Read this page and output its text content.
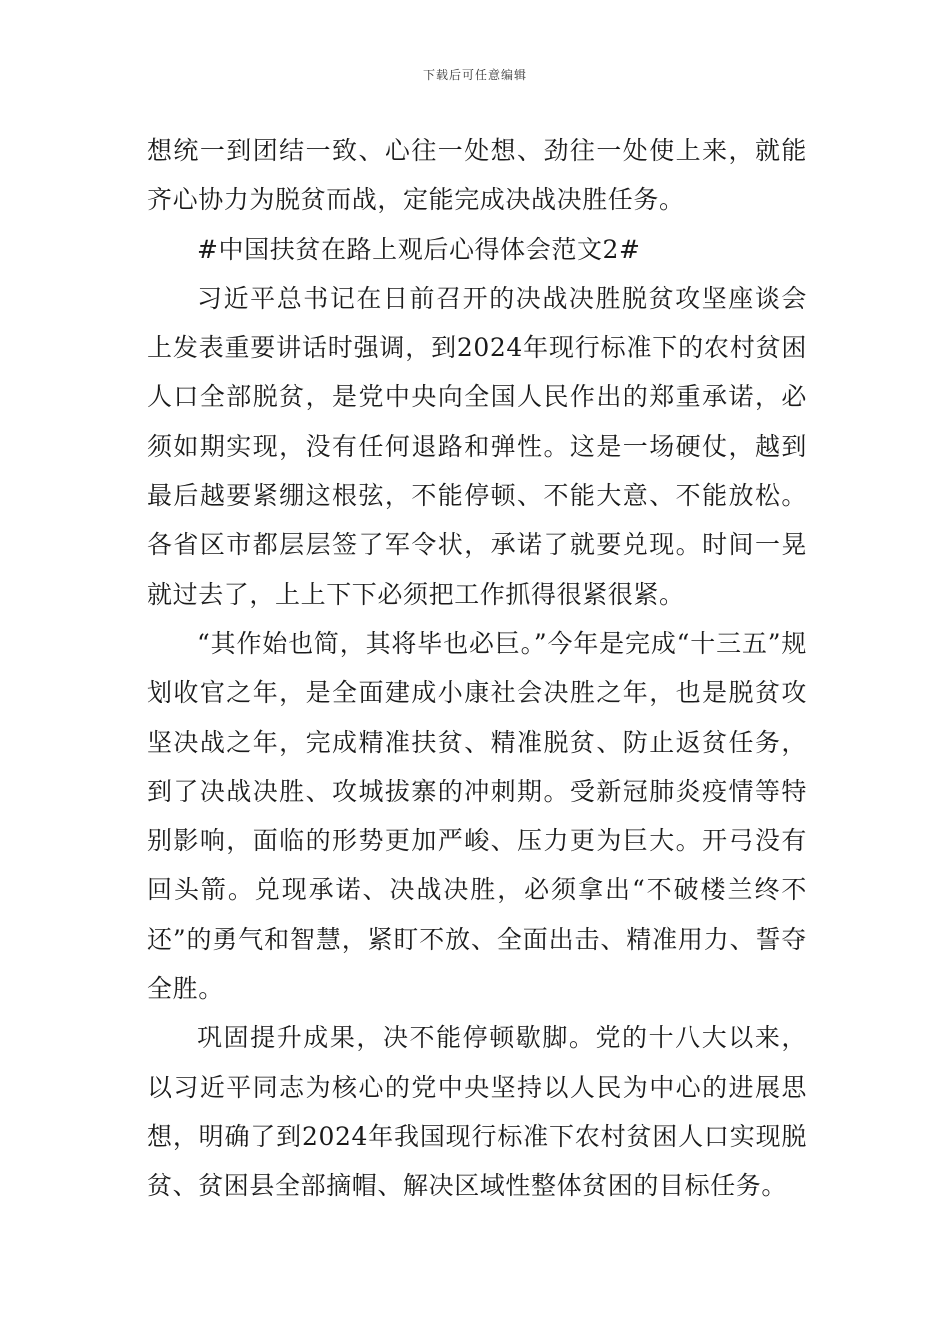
下载后可任意编辑

想统一到团结一致、心往一处想、劲往一处使上来，就能齐心协力为脱贫而战，定能完成决战决胜任务。

#中国扶贫在路上观后心得体会范文2#

习近平总书记在日前召开的决战决胜脱贫攻坚座谈会上发表重要讲话时强调，到2024年现行标准下的农村贫困人口全部脱贫，是党中央向全国人民作出的郑重承诺，必须如期实现，没有任何退路和弹性。这是一场硬仗，越到最后越要紧绷这根弦，不能停顿、不能大意、不能放松。各省区市都层层签了军令状，承诺了就要兑现。时间一晃就过去了，上上下下必须把工作抓得很紧很紧。

“其作始也简，其将毕也必巨。”今年是完成“十三五”规划收官之年，是全面建成小康社会决胜之年，也是脱贫攻坚决战之年，完成精准扶贫、精准脱贫、防止返贫任务，到了决战决胜、攻城拔寨的冲刺期。受新冠肺炎疫情等特别影响，面临的形势更加严峻、压力更为巨大。开弓没有回头箭。兑现承诺、决战决胜，必须拿出“不破楼兰终不还”的勇气和智慧，紧盯不放、全面出击、精准用力、誓夺全胜。

巩固提升成果，决不能停顿歇脚。党的十八大以来，以习近平同志为核心的党中央坚持以人民为中心的进展思想，明确了到2024年我国现行标准下农村贫困人口实现脱贫、贫困县全部摘帽、解决区域性整体贫困的目标任务。
